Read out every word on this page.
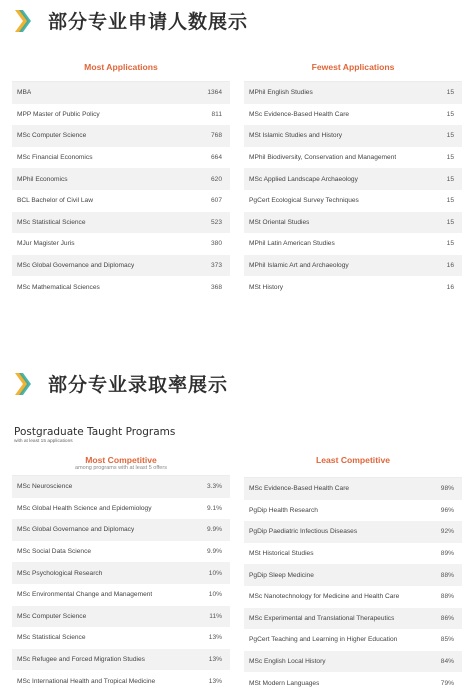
部分专业申请人数展示
Most Applications
MBA	1364
MPP Master of Public Policy	811
MSc Computer Science	768
MSc Financial Economics	664
MPhil Economics	620
BCL Bachelor of Civil Law	607
MSc Statistical Science	523
MJur Magister Juris	380
MSc Global Governance and Diplomacy	373
MSc Mathematical Sciences	368
Fewest Applications
MPhil English Studies	15
MSc Evidence-Based Health Care	15
MSt Islamic Studies and History	15
MPhil Biodiversity, Conservation and Management	15
MSc Applied Landscape Archaeology	15
PgCert Ecological Survey Techniques	15
MSt Oriental Studies	15
MPhil Latin American Studies	15
MPhil Islamic Art and Archaeology	16
MSt History	16
部分专业录取率展示
Postgraduate Taught Programs
with at least 15 applications
Most Competitive
among programs with at least 5 offers
MSc Neuroscience	3.3%
MSc Global Health Science and Epidemiology	9.1%
MSc Global Governance and Diplomacy	9.9%
MSc Social Data Science	9.9%
MSc Psychological Research	10%
MSc Environmental Change and Management	10%
MSc Computer Science	11%
MSc Statistical Science	13%
MSc Refugee and Forced Migration Studies	13%
MSc International Health and Tropical Medicine	13%
Least Competitive
MSc Evidence-Based Health Care	98%
PgDip Health Research	96%
PgDip Paediatric Infectious Diseases	92%
MSt Historical Studies	89%
PgDip Sleep Medicine	88%
MSc Nanotechnology for Medicine and Health Care	88%
MSc Experimental and Translational Therapeutics	86%
PgCert Teaching and Learning in Higher Education	85%
MSc English Local History	84%
MSt Modern Languages	79%
